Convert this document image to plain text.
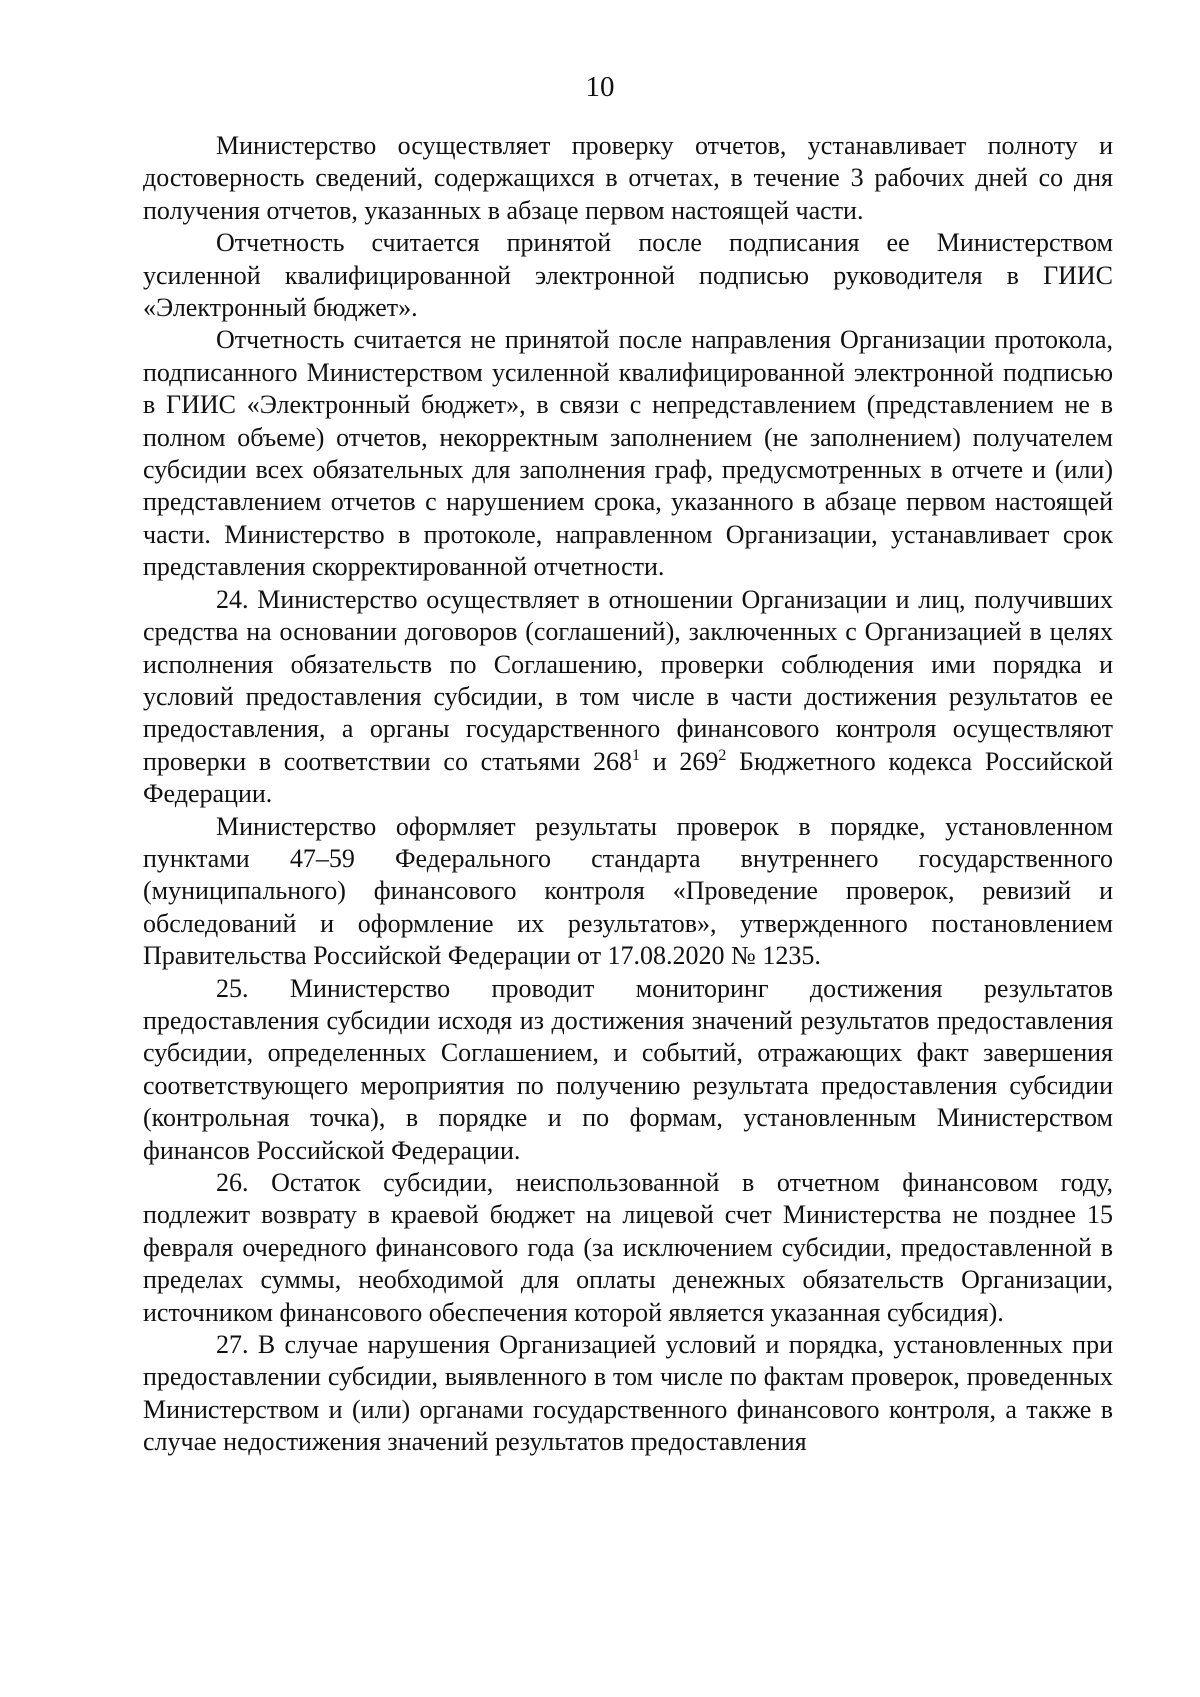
10

Министерство осуществляет проверку отчетов, устанавливает полноту и достоверность сведений, содержащихся в отчетах, в течение 3 рабочих дней со дня получения отчетов, указанных в абзаце первом настоящей части.

Отчетность считается принятой после подписания ее Министерством усиленной квалифицированной электронной подписью руководителя в ГИИС «Электронный бюджет».

Отчетность считается не принятой после направления Организации протокола, подписанного Министерством усиленной квалифицированной электронной подписью в ГИИС «Электронный бюджет», в связи с непредставлением (представлением не в полном объеме) отчетов, некорректным заполнением (не заполнением) получателем субсидии всех обязательных для заполнения граф, предусмотренных в отчете и (или) представлением отчетов с нарушением срока, указанного в абзаце первом настоящей части. Министерство в протоколе, направленном Организации, устанавливает срок представления скорректированной отчетности.

24. Министерство осуществляет в отношении Организации и лиц, получивших средства на основании договоров (соглашений), заключенных с Организацией в целях исполнения обязательств по Соглашению, проверки соблюдения ими порядка и условий предоставления субсидии, в том числе в части достижения результатов ее предоставления, а органы государственного финансового контроля осуществляют проверки в соответствии со статьями $268^1$ и $269^2$ Бюджетного кодекса Российской Федерации.

Министерство оформляет результаты проверок в порядке, установленном пунктами 47–59 Федерального стандарта внутреннего государственного (муниципального) финансового контроля «Проведение проверок, ревизий и обследований и оформление их результатов», утвержденного постановлением Правительства Российской Федерации от 17.08.2020 № 1235.

25. Министерство проводит мониторинг достижения результатов предоставления субсидии исходя из достижения значений результатов предоставления субсидии, определенных Соглашением, и событий, отражающих факт завершения соответствующего мероприятия по получению результата предоставления субсидии (контрольная точка), в порядке и по формам, установленным Министерством финансов Российской Федерации.

26. Остаток субсидии, неиспользованной в отчетном финансовом году, подлежит возврату в краевой бюджет на лицевой счет Министерства не позднее 15 февраля очередного финансового года (за исключением субсидии, предоставленной в пределах суммы, необходимой для оплаты денежных обязательств Организации, источником финансового обеспечения которой является указанная субсидия).

27. В случае нарушения Организацией условий и порядка, установленных при предоставлении субсидии, выявленного в том числе по фактам проверок, проведенных Министерством и (или) органами государственного финансового контроля, а также в случае недостижения значений результатов предоставления
